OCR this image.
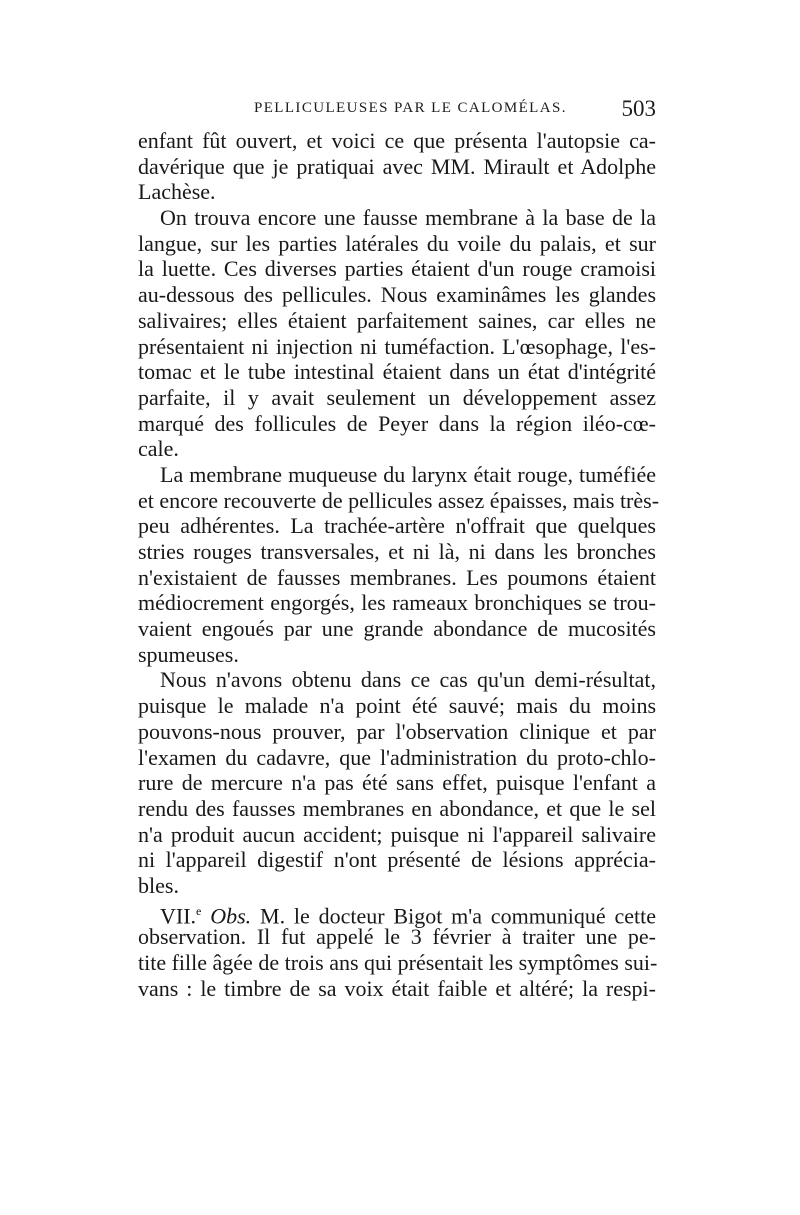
PELLICULEUSES PAR LE CALOMÉLAS. 503
enfant fût ouvert, et voici ce que présenta l'autopsie ca-
davérique que je pratiquai avec MM. Mirault et Adolphe
Lachèse.
On trouva encore une fausse membrane à la base de la
langue, sur les parties latérales du voile du palais, et sur
la luette. Ces diverses parties étaient d'un rouge cramoisi
au-dessous des pellicules. Nous examinâmes les glandes
salivaires; elles étaient parfaitement saines, car elles ne
présentaient ni injection ni tuméfaction. L'œsophage, l'es-
tomac et le tube intestinal étaient dans un état d'intégrité
parfaite, il y avait seulement un développement assez
marqué des follicules de Peyer dans la région iléo-cœ-
cale.
La membrane muqueuse du larynx était rouge, tuméfiée
et encore recouverte de pellicules assez épaisses, mais très-
peu adhérentes. La trachée-artère n'offrait que quelques
stries rouges transversales, et ni là, ni dans les bronches
n'existaient de fausses membranes. Les poumons étaient
médiocrement engorgés, les rameaux bronchiques se trou-
vaient engoués par une grande abondance de mucosités
spumeuses.
Nous n'avons obtenu dans ce cas qu'un demi-résultat,
puisque le malade n'a point été sauvé; mais du moins
pouvons-nous prouver, par l'observation clinique et par
l'examen du cadavre, que l'administration du proto-chlo-
rure de mercure n'a pas été sans effet, puisque l'enfant a
rendu des fausses membranes en abondance, et que le sel
n'a produit aucun accident; puisque ni l'appareil salivaire
ni l'appareil digestif n'ont présenté de lésions apprécia-
bles.
VII.$^e$ Obs. M. le docteur Bigot m'a communiqué cette
observation. Il fut appelé le 3 février à traiter une pe-
tite fille âgée de trois ans qui présentait les symptômes sui-
vans : le timbre de sa voix était faible et altéré; la respi-
